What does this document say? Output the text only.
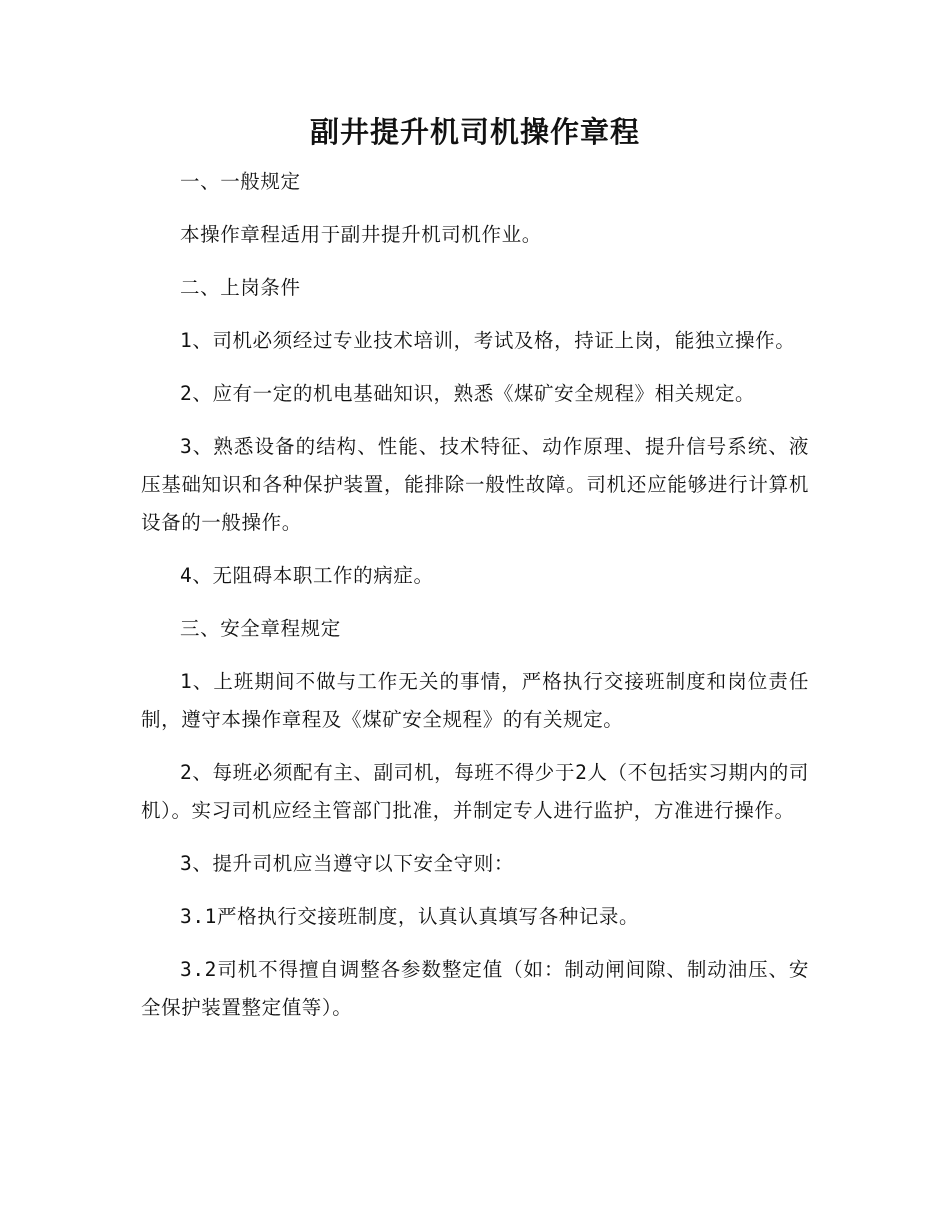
副井提升机司机操作章程

一、一般规定

本操作章程适用于副井提升机司机作业。

二、上岗条件

1、司机必须经过专业技术培训，考试及格，持证上岗，能独立操作。

2、应有一定的机电基础知识，熟悉《煤矿安全规程》相关规定。

3、熟悉设备的结构、性能、技术特征、动作原理、提升信号系统、液压基础知识和各种保护装置，能排除一般性故障。司机还应能够进行计算机设备的一般操作。

4、无阻碍本职工作的病症。

三、安全章程规定

1、上班期间不做与工作无关的事情，严格执行交接班制度和岗位责任制，遵守本操作章程及《煤矿安全规程》的有关规定。

2、每班必须配有主、副司机，每班不得少于2人（不包括实习期内的司机）。实习司机应经主管部门批准，并制定专人进行监护，方准进行操作。

3、提升司机应当遵守以下安全守则：

3.1严格执行交接班制度，认真认真填写各种记录。

3.2司机不得擅自调整各参数整定值（如：制动闸间隙、制动油压、安全保护装置整定值等）。
